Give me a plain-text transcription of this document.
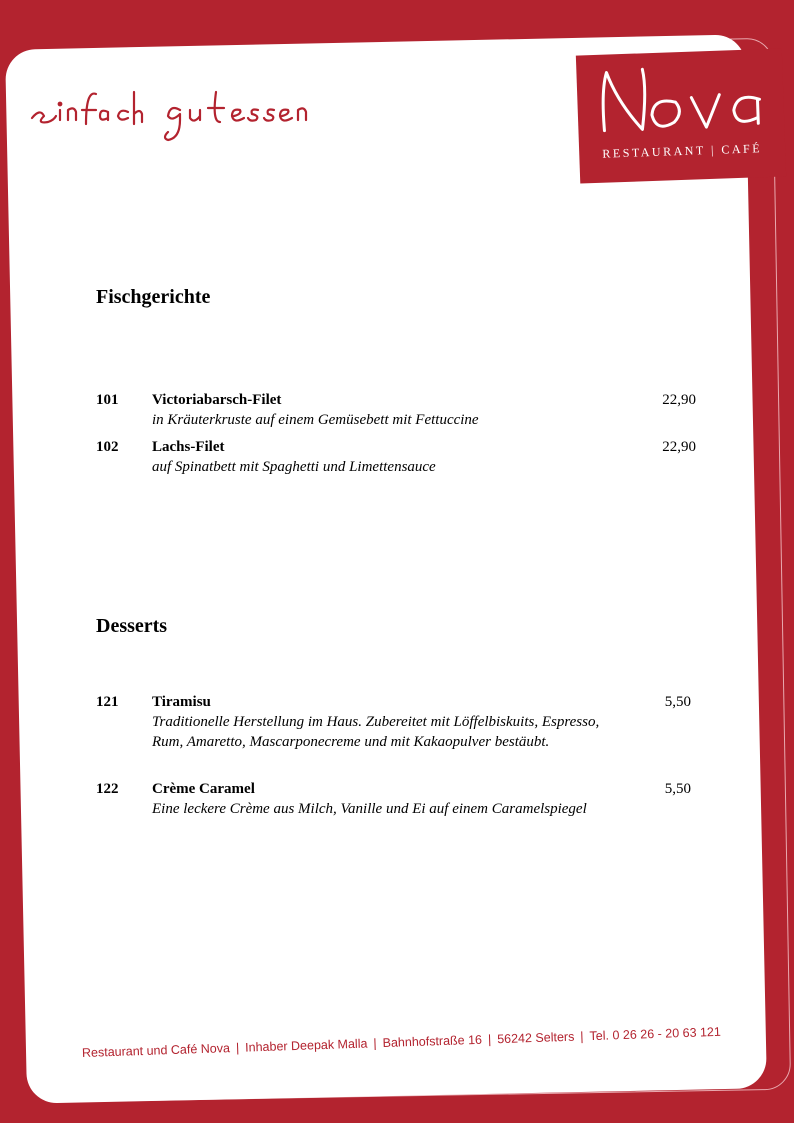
RESTAURANT | CAFÉ
Fischgerichte
101 Victoriabarsch-Filet
in Kräuterkruste auf einem Gemüsebett mit Fettuccine
22,90
102 Lachs-Filet
auf Spinatbett mit Spaghetti und Limettensauce
22,90
Desserts
121 Tiramisu
Traditionelle Herstellung im Haus. Zubereitet mit Löffelbiskuits, Espresso, Rum, Amaretto, Mascarponecreme und mit Kakaopulver bestäubt.
5,50
122 Crème Caramel
Eine leckere Crème aus Milch, Vanille und Ei auf einem Caramelspiegel
5,50
Restaurant und Café Nova | Inhaber Deepak Malla | Bahnhofstraße 16 | 56242 Selters | Tel. 0 26 26 - 20 63 121
